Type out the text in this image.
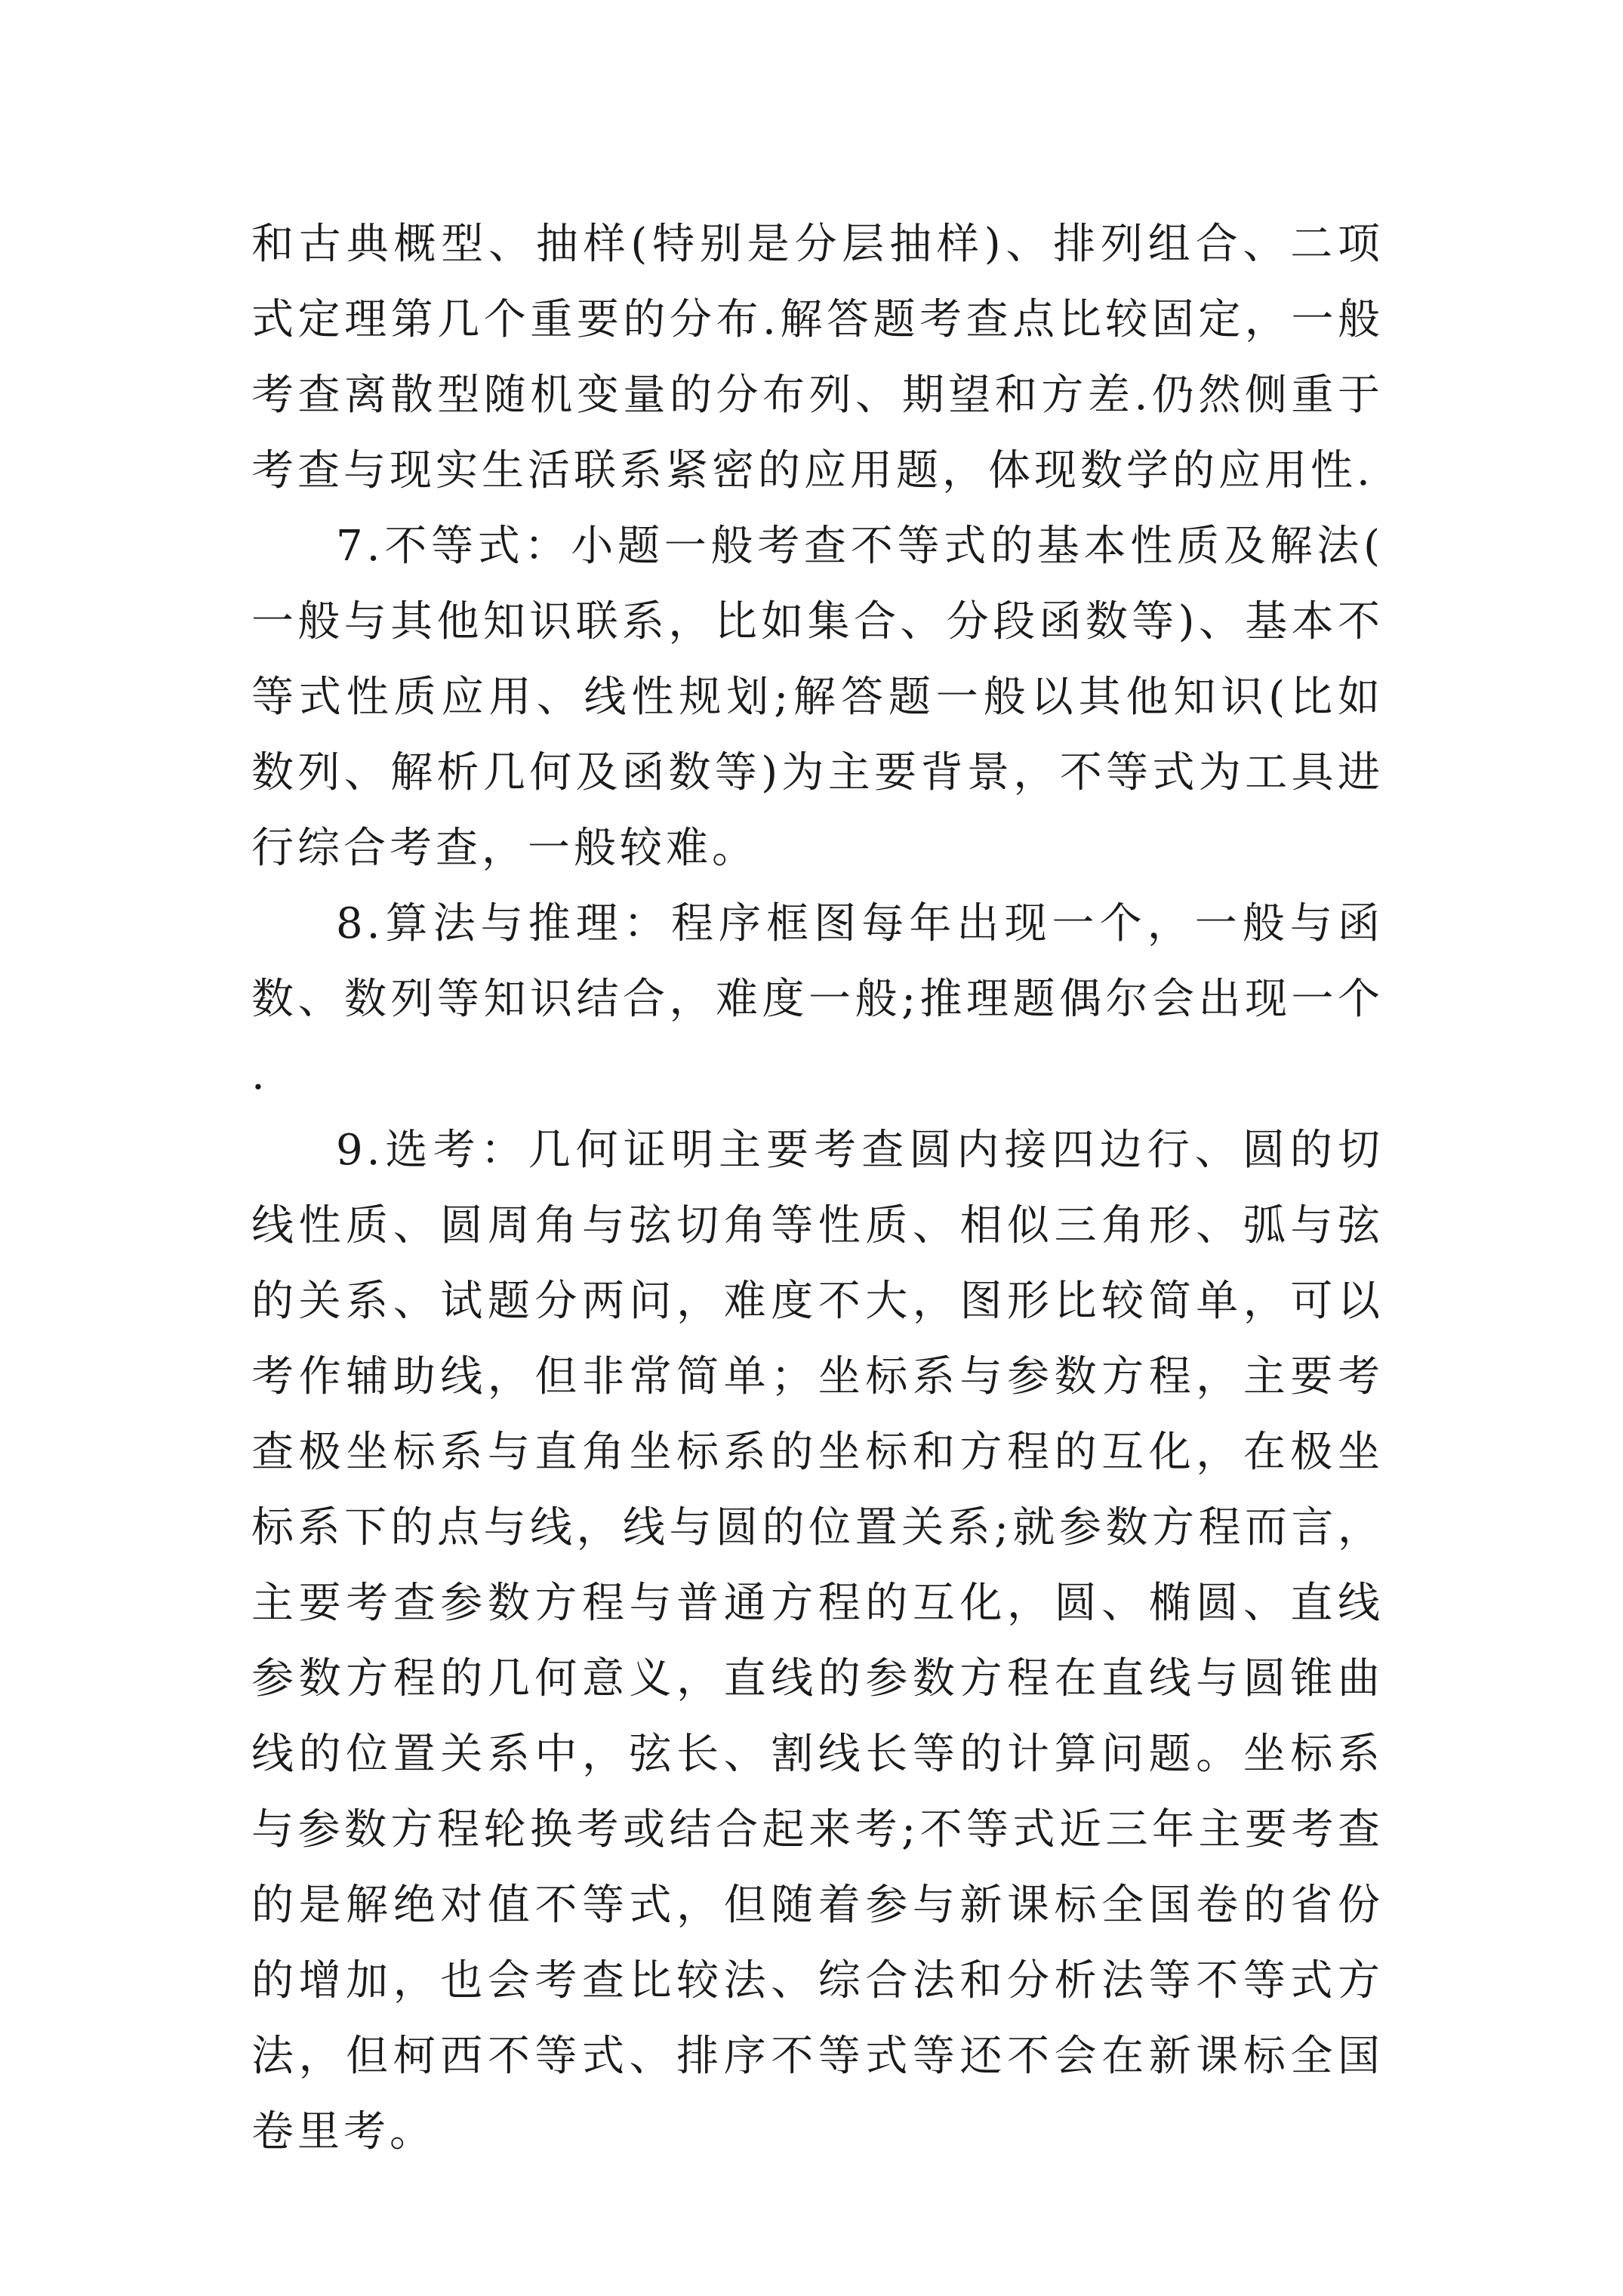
和古典概型、抽样(特别是分层抽样)、排列组合、二项式定理第几个重要的分布.解答题考查点比较固定，一般考查离散型随机变量的分布列、期望和方差.仍然侧重于考查与现实生活联系紧密的应用题，体现数学的应用性.

7.不等式：小题一般考查不等式的基本性质及解法(一般与其他知识联系，比如集合、分段函数等)、基本不等式性质应用、线性规划;解答题一般以其他知识(比如数列、解析几何及函数等)为主要背景，不等式为工具进行综合考查，一般较难。

8.算法与推理：程序框图每年出现一个，一般与函数、数列等知识结合，难度一般;推理题偶尔会出现一个.

9.选考：几何证明主要考查圆内接四边行、圆的切线性质、圆周角与弦切角等性质、相似三角形、弧与弦的关系、试题分两问，难度不大，图形比较简单，可以考作辅助线，但非常简单；坐标系与参数方程，主要考查极坐标系与直角坐标系的坐标和方程的互化，在极坐标系下的点与线，线与圆的位置关系;就参数方程而言，主要考查参数方程与普通方程的互化，圆、椭圆、直线参数方程的几何意义，直线的参数方程在直线与圆锥曲线的位置关系中，弦长、割线长等的计算问题。坐标系与参数方程轮换考或结合起来考;不等式近三年主要考查的是解绝对值不等式，但随着参与新课标全国卷的省份的增加，也会考查比较法、综合法和分析法等不等式方法，但柯西不等式、排序不等式等还不会在新课标全国卷里考。
